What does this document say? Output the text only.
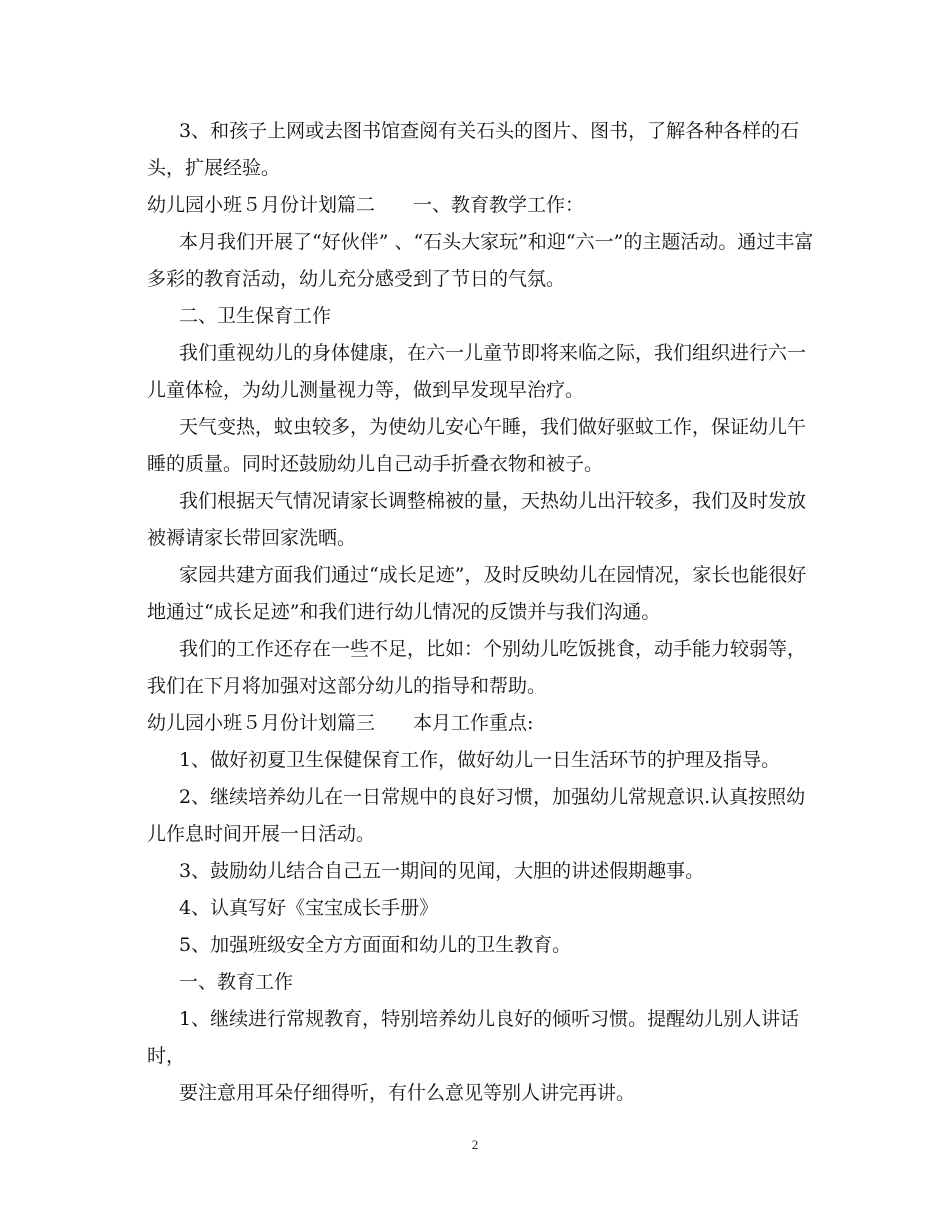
3、和孩子上网或去图书馆查阅有关石头的图片、图书，了解各种各样的石
头，扩展经验。
幼儿园小班５月份计划篇二　　一、教育教学工作：
本月我们开展了“好伙伴” 、“石头大家玩”和迎“六一”的主题活动。通过丰富
多彩的教育活动，幼儿充分感受到了节日的气氛。
二、卫生保育工作
我们重视幼儿的身体健康，在六一儿童节即将来临之际，我们组织进行六一
儿童体检，为幼儿测量视力等，做到早发现早治疗。
天气变热，蚊虫较多，为使幼儿安心午睡，我们做好驱蚊工作，保证幼儿午
睡的质量。同时还鼓励幼儿自己动手折叠衣物和被子。
我们根据天气情况请家长调整棉被的量，天热幼儿出汗较多，我们及时发放
被褥请家长带回家洗晒。
家园共建方面我们通过“成长足迹”，及时反映幼儿在园情况，家长也能很好
地通过“成长足迹”和我们进行幼儿情况的反馈并与我们沟通。
我们的工作还存在一些不足，比如：个别幼儿吃饭挑食，动手能力较弱等，
我们在下月将加强对这部分幼儿的指导和帮助。
幼儿园小班５月份计划篇三　　本月工作重点:
1、做好初夏卫生保健保育工作，做好幼儿一日生活环节的护理及指导。
2、继续培养幼儿在一日常规中的良好习惯，加强幼儿常规意识.认真按照幼
儿作息时间开展一日活动。
3、鼓励幼儿结合自己五一期间的见闻，大胆的讲述假期趣事。
4、认真写好《宝宝成长手册》
5、加强班级安全方方面面和幼儿的卫生教育。
一、教育工作
1、继续进行常规教育，特别培养幼儿良好的倾听习惯。提醒幼儿别人讲话
时，
要注意用耳朵仔细得听，有什么意见等别人讲完再讲。
2
